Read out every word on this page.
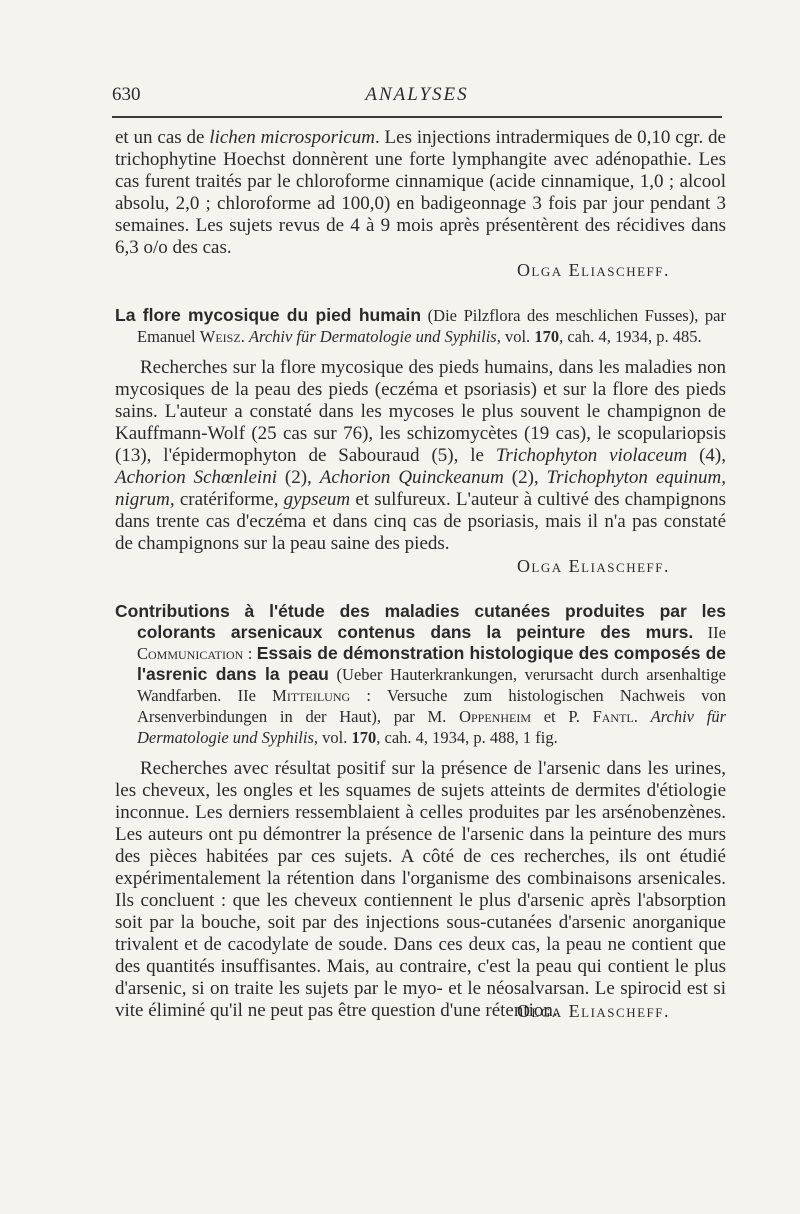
630	ANALYSES

et un cas de lichen microsporicum. Les injections intradermiques de 0,10 cgr. de trichophytine Hoechst donnèrent une forte lymphangite avec adénopathie. Les cas furent traités par le chloroforme cinnamique (acide cinnamique, 1,0 ; alcool absolu, 2,0 ; chloroforme ad 100,0) en badigeonnage 3 fois par jour pendant 3 semaines. Les sujets revus de 4 à 9 mois après présentèrent des récidives dans 6,3 o/o des cas.

Olga Eliascheff.

La flore mycosique du pied humain (Die Pilzflora des meschlichen Fusses), par Emanuel Weisz. Archiv für Dermatologie und Syphilis, vol. 170, cah. 4, 1934, p. 485.

Recherches sur la flore mycosique des pieds humains, dans les maladies non mycosiques de la peau des pieds (eczéma et psoriasis) et sur la flore des pieds sains. L'auteur a constaté dans les mycoses le plus souvent le champignon de Kauffmann-Wolf (25 cas sur 76), les schizomycètes (19 cas), le scopulariopsis (13), l'épidermophyton de Sabouraud (5), le Trichophyton violaceum (4), Achorion Schœnleini (2), Achorion Quinckeanum (2), Trichophyton equinum, nigrum, cratériforme, gypseum et sulfureux. L'auteur à cultivé des champignons dans trente cas d'eczéma et dans cinq cas de psoriasis, mais il n'a pas constaté de champignons sur la peau saine des pieds.

Olga Eliascheff.

Contributions à l'étude des maladies cutanées produites par les colorants arsenicaux contenus dans la peinture des murs. IIe Communication : Essais de démonstration histologique des composés de l'asrenic dans la peau (Ueber Hauterkrankungen, verursacht durch arsenhaltige Wandfarben. IIe Mitteilung : Versuche zum histologischen Nachweis von Arsenverbindungen in der Haut), par M. Oppenheim et P. Fantl. Archiv für Dermatologie und Syphilis, vol. 170, cah. 4, 1934, p. 488, 1 fig.

Recherches avec résultat positif sur la présence de l'arsenic dans les urines, les cheveux, les ongles et les squames de sujets atteints de dermites d'étiologie inconnue. Les derniers ressemblaient à celles produites par les arsénobenzènes. Les auteurs ont pu démontrer la présence de l'arsenic dans la peinture des murs des pièces habitées par ces sujets. A côté de ces recherches, ils ont étudié expérimentalement la rétention dans l'organisme des combinaisons arsenicales. Ils concluent : que les cheveux contiennent le plus d'arsenic après l'absorption soit par la bouche, soit par des injections sous-cutanées d'arsenic anorganique trivalent et de cacodylate de soude. Dans ces deux cas, la peau ne contient que des quantités insuffisantes. Mais, au contraire, c'est la peau qui contient le plus d'arsenic, si on traite les sujets par le myo- et le néosalvarsan. Le spirocid est si vite éliminé qu'il ne peut pas être question d'une rétention.

Olga Eliascheff.
